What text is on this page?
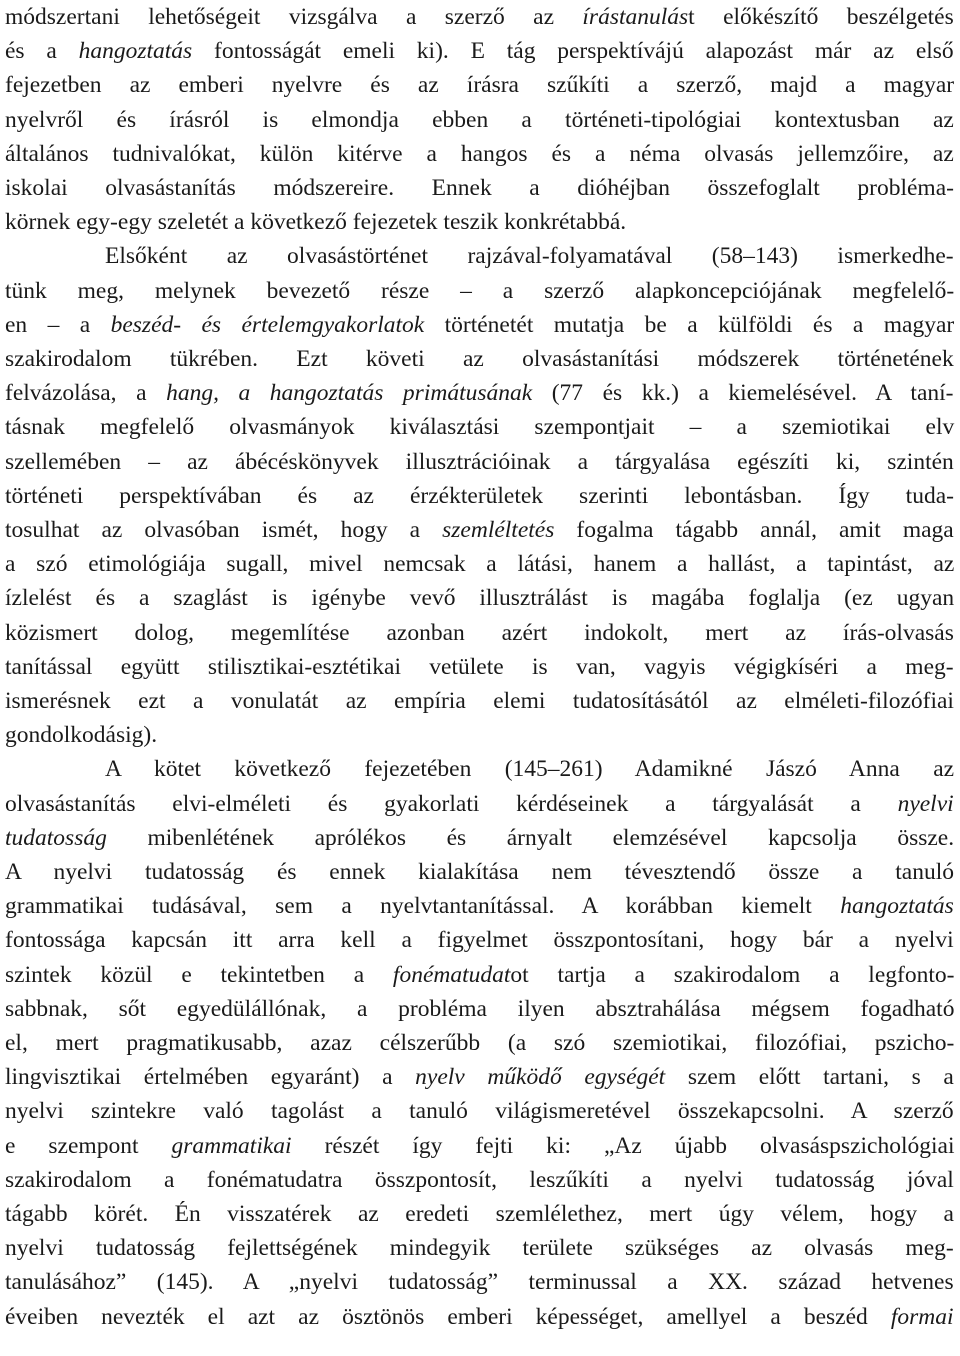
módszertani lehetőségeit vizsgálva a szerző az írástanulást előkészítő beszélgetés
és a hangoztatás fontosságát emeli ki). E tág perspektívájú alapozást már az első
fejezetben az emberi nyelvre és az írásra szűkíti a szerző, majd a magyar
nyelvről és írásról is elmondja ebben a történeti-tipológiai kontextusban az
általános tudnivalókat, külön kitérve a hangos és a néma olvasás jellemzőire, az
iskolai olvasástanítás módszereire. Ennek a dióhéjban összefoglalt probléma-
körnek egy-egy szeletét a következő fejezetek teszik konkrétabbá.
Elsőként az olvasástörténet rajzával-folyamatával (58–143) ismerkedhe-
tünk meg, melynek bevezető része – a szerző alapkoncepciójának megfelelő-
en – a beszéd- és értelemgyakorlatok történetét mutatja be a külföldi és a magyar
szakirodalom tükrében. Ezt követi az olvasástanítási módszerek történetének
felvázolása, a hang, a hangoztatás primátusának (77 és kk.) a kiemelésével. A taní-
tásnak megfelelő olvasmányok kiválasztási szempontjait – a szemiotikai elv
szellemében – az ábécéskönyvek illusztrációinak a tárgyalása egészíti ki, szintén
történeti perspektívában és az érzékterületek szerinti lebontásban. Így tuda-
tosulhat az olvasóban ismét, hogy a szemléltetés fogalma tágabb annál, amit maga
a szó etimológiája sugall, mivel nemcsak a látási, hanem a hallást, a tapintást, az
ízlelést és a szaglást is igénybe vevő illusztrálást is magába foglalja (ez ugyan
közismert dolog, megemlítése azonban azért indokolt, mert az írás-olvasás
tanítással együtt stilisztikai-esztétikai vetülete is van, vagyis végigkíséri a meg-
ismerésnek ezt a vonulatát az empíria elemi tudatosításától az elméleti-filozófiai
gondolkodásig).
A kötet következő fejezetében (145–261) Adamikné Jászó Anna az
olvasástanítás elvi-elméleti és gyakorlati kérdéseinek a tárgyalását a nyelvi
tudatosság mibenlétének aprólékos és árnyalt elemzésével kapcsolja össze.
A nyelvi tudatosság és ennek kialakítása nem tévesztendő össze a tanuló
grammatikai tudásával, sem a nyelvtantanítással. A korábban kiemelt hangoztatás
fontossága kapcsán itt arra kell a figyelmet összpontosítani, hogy bár a nyelvi
szintek közül e tekintetben a fonématudatot tartja a szakirodalom a legfonto-
sabbnak, sőt egyedülállónak, a probléma ilyen absztrahálása mégsem fogadható
el, mert pragmatikusabb, azaz célszerűbb (a szó szemiotikai, filozófiai, pszicho-
lingvisztikai értelmében egyaránt) a nyelv működő egységét szem előtt tartani, s a
nyelvi szintekre való tagolást a tanuló világismeretével összekapcsolni. A szerző
e szempont grammatikai részét így fejti ki: „Az újabb olvasáspszichológiai
szakirodalom a fonématudatra összpontosít, leszűkíti a nyelvi tudatosság jóval
tágabb körét. Én visszatérek az eredeti szemlélethez, mert úgy vélem, hogy a
nyelvi tudatosság fejlettségének mindegyik területe szükséges az olvasás meg-
tanulásához” (145). A „nyelvi tudatosság” terminussal a XX. század hetvenes
éveiben nevezték el azt az ösztönös emberi képességet, amellyel a beszéd formai
